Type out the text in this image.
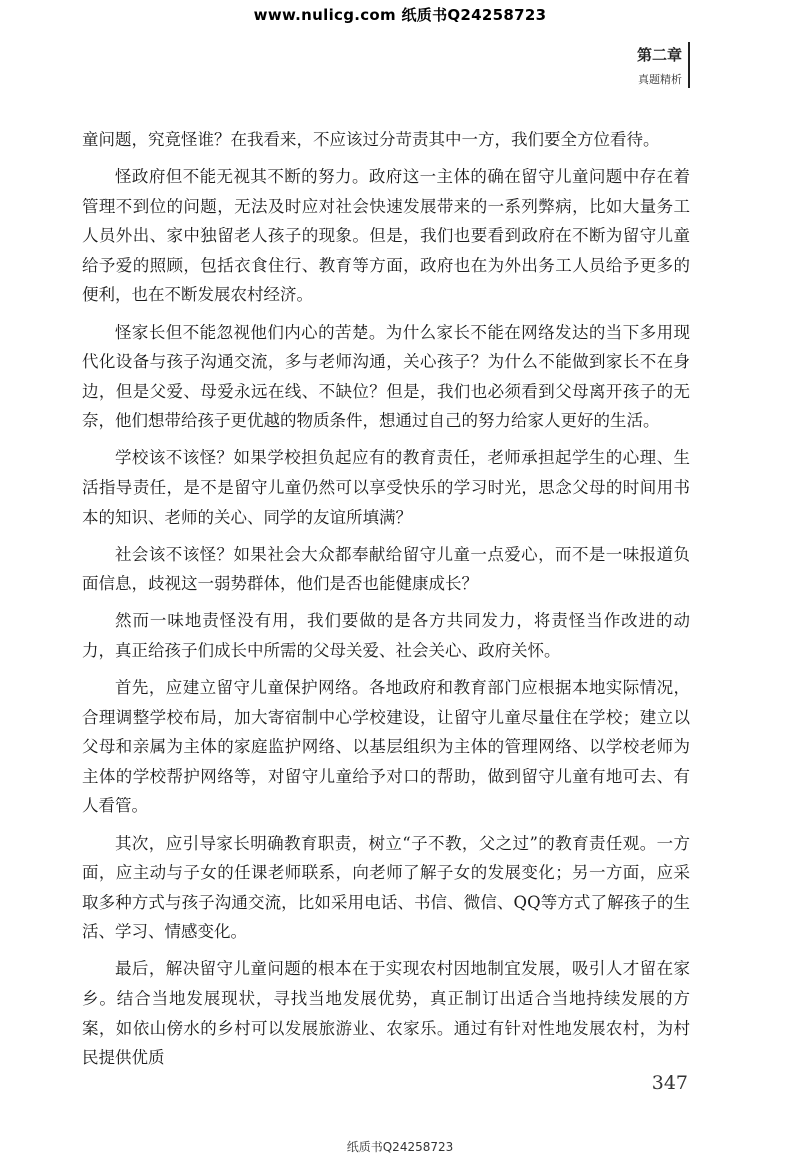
www.nulicg.com 纸质书Q24258723
第二章
真题精析

童问题，究竟怪谁？在我看来，不应该过分苛责其中一方，我们要全方位看待。

怪政府但不能无视其不断的努力。政府这一主体的确在留守儿童问题中存在着管理不到位的问题，无法及时应对社会快速发展带来的一系列弊病，比如大量务工人员外出、家中独留老人孩子的现象。但是，我们也要看到政府在不断为留守儿童给予爱的照顾，包括衣食住行、教育等方面，政府也在为外出务工人员给予更多的便利，也在不断发展农村经济。

怪家长但不能忽视他们内心的苦楚。为什么家长不能在网络发达的当下多用现代化设备与孩子沟通交流，多与老师沟通，关心孩子？为什么不能做到家长不在身边，但是父爱、母爱永远在线、不缺位？但是，我们也必须看到父母离开孩子的无奈，他们想带给孩子更优越的物质条件，想通过自己的努力给家人更好的生活。

学校该不该怪？如果学校担负起应有的教育责任，老师承担起学生的心理、生活指导责任，是不是留守儿童仍然可以享受快乐的学习时光，思念父母的时间用书本的知识、老师的关心、同学的友谊所填满？

社会该不该怪？如果社会大众都奉献给留守儿童一点爱心，而不是一味报道负面信息，歧视这一弱势群体，他们是否也能健康成长？

然而一味地责怪没有用，我们要做的是各方共同发力，将责怪当作改进的动力，真正给孩子们成长中所需的父母关爱、社会关心、政府关怀。

首先，应建立留守儿童保护网络。各地政府和教育部门应根据本地实际情况，合理调整学校布局，加大寄宿制中心学校建设，让留守儿童尽量住在学校；建立以父母和亲属为主体的家庭监护网络、以基层组织为主体的管理网络、以学校老师为主体的学校帮护网络等，对留守儿童给予对口的帮助，做到留守儿童有地可去、有人看管。

其次，应引导家长明确教育职责，树立“子不教，父之过”的教育责任观。一方面，应主动与子女的任课老师联系，向老师了解子女的发展变化；另一方面，应采取多种方式与孩子沟通交流，比如采用电话、书信、微信、QQ等方式了解孩子的生活、学习、情感变化。

最后，解决留守儿童问题的根本在于实现农村因地制宜发展，吸引人才留在家乡。结合当地发展现状，寻找当地发展优势，真正制订出适合当地持续发展的方案，如依山傍水的乡村可以发展旅游业、农家乐。通过有针对性地发展农村，为村民提供优质

347
纸质书Q24258723
